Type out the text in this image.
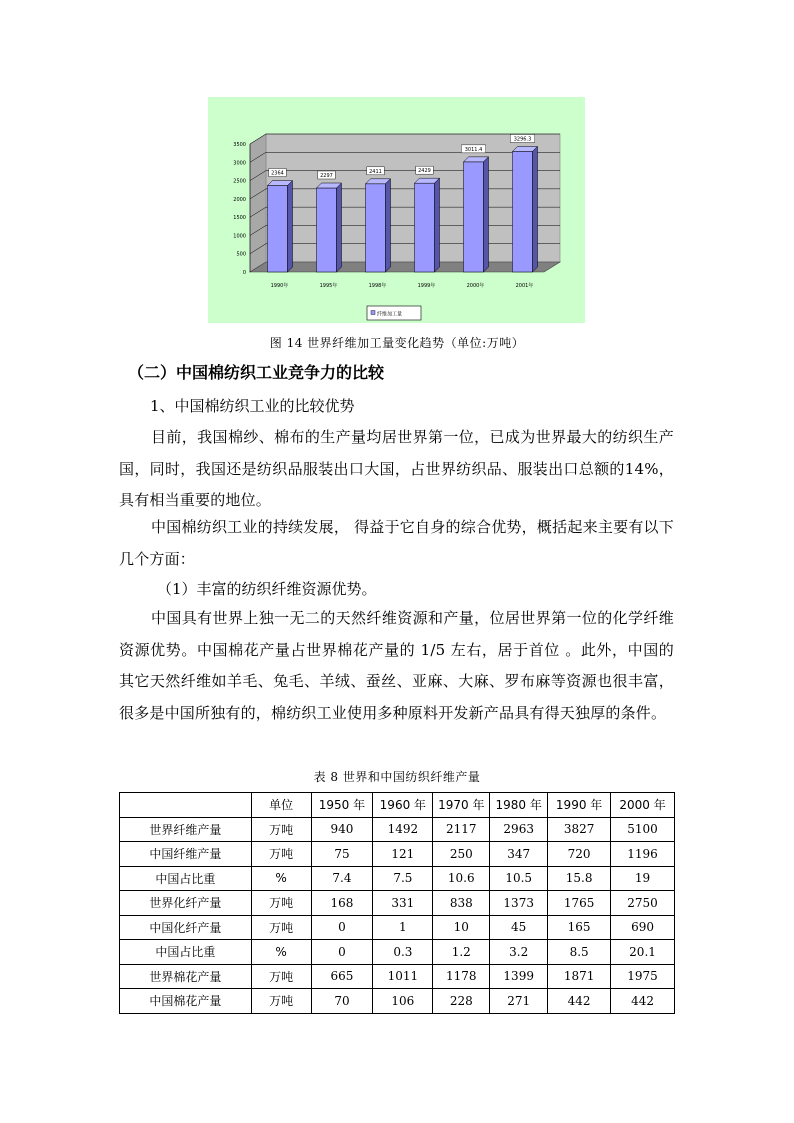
0
500
1000
1500
2000
2500
3000
3500
1990年	1995年	1998年	1999年	2000年	2001年
2364	2297
2411	2429
3011.4
3296.3
纤维加工量
图 14 世界纤维加工量变化趋势（单位:万吨）
（二）中国棉纺织工业竞争力的比较
1、中国棉纺织工业的比较优势
目前，我国棉纱、棉布的生产量均居世界第一位，已成为世界最大的纺织生产国，同时，我国还是纺织品服装出口大国，占世界纺织品、服装出口总额的14%，具有相当重要的地位。
中国棉纺织工业的持续发展， 得益于它自身的综合优势，概括起来主要有以下几个方面：
（1）丰富的纺织纤维资源优势。
中国具有世界上独一无二的天然纤维资源和产量，位居世界第一位的化学纤维资源优势。中国棉花产量占世界棉花产量的 1/5 左右，居于首位 。此外，中国的其它天然纤维如羊毛、兔毛、羊绒、蚕丝、亚麻、大麻、罗布麻等资源也很丰富，很多是中国所独有的，棉纺织工业使用多种原料开发新产品具有得天独厚的条件。
表 8 世界和中国纺织纤维产量
	单位	1950 年	1960 年	1970 年	1980 年	1990 年	2000 年
世界纤维产量	万吨	940	1492	2117	2963	3827	5100
中国纤维产量	万吨	75	121	250	347	720	1196
中国占比重	%	7.4	7.5	10.6	10.5	15.8	19
世界化纤产量	万吨	168	331	838	1373	1765	2750
中国化纤产量	万吨	0	1	10	45	165	690
中国占比重	%	0	0.3	1.2	3.2	8.5	20.1
世界棉花产量	万吨	665	1011	1178	1399	1871	1975
中国棉花产量	万吨	70	106	228	271	442	442
